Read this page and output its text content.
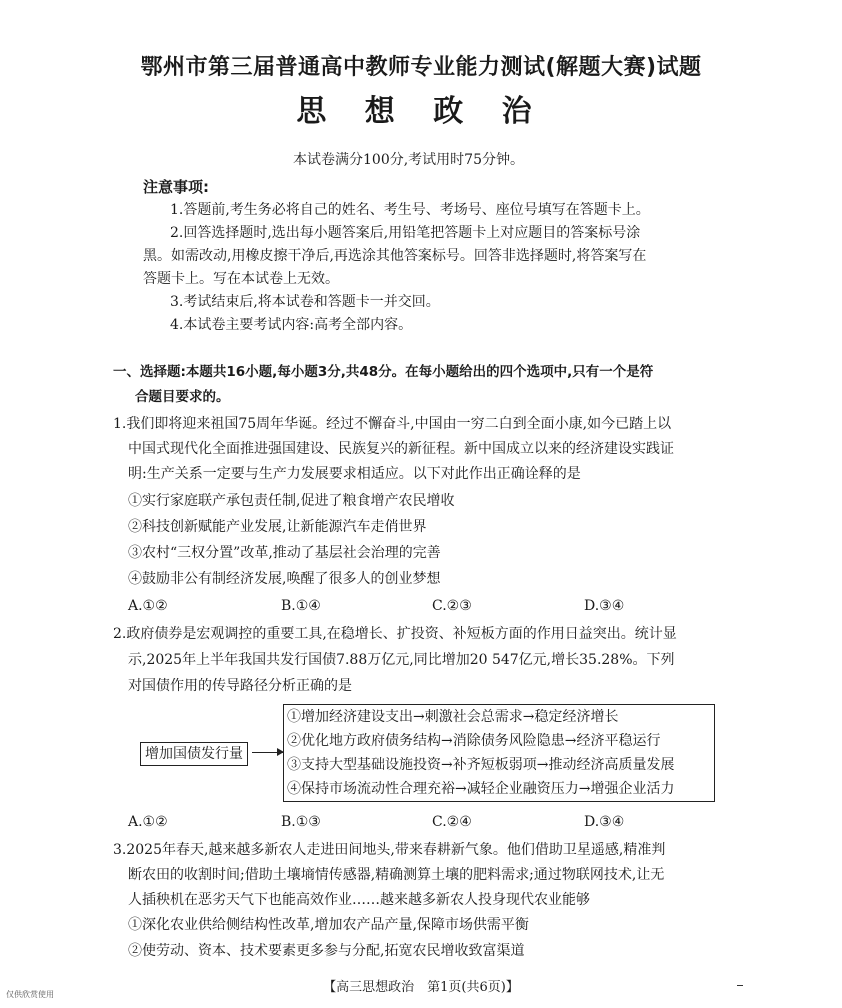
鄂州市第三届普通高中教师专业能力测试(解题大赛)试题
思 想 政 治
本试卷满分100分,考试用时75分钟。
注意事项:
1.答题前,考生务必将自己的姓名、考生号、考场号、座位号填写在答题卡上。
2.回答选择题时,选出每小题答案后,用铅笔把答题卡上对应题目的答案标号涂
黑。如需改动,用橡皮擦干净后,再选涂其他答案标号。回答非选择题时,将答案写在
答题卡上。写在本试卷上无效。
3.考试结束后,将本试卷和答题卡一并交回。
4.本试卷主要考试内容:高考全部内容。
一、选择题:本题共16小题,每小题3分,共48分。在每小题给出的四个选项中,只有一个是符
合题目要求的。
1.我们即将迎来祖国75周年华诞。经过不懈奋斗,中国由一穷二白到全面小康,如今已踏上以
中国式现代化全面推进强国建设、民族复兴的新征程。新中国成立以来的经济建设实践证
明:生产关系一定要与生产力发展要求相适应。以下对此作出正确诠释的是
①实行家庭联产承包责任制,促进了粮食增产农民增收
②科技创新赋能产业发展,让新能源汽车走俏世界
③农村“三权分置”改革,推动了基层社会治理的完善
④鼓励非公有制经济发展,唤醒了很多人的创业梦想
A.①②	B.①④	C.②③	D.③④
2.政府债券是宏观调控的重要工具,在稳增长、扩投资、补短板方面的作用日益突出。统计显
示,2025年上半年我国共发行国债7.88万亿元,同比增加20 547亿元,增长35.28%。下列
对国债作用的传导路径分析正确的是
增加国债发行量
①增加经济建设支出→刺激社会总需求→稳定经济增长
②优化地方政府债务结构→消除债务风险隐患→经济平稳运行
③支持大型基础设施投资→补齐短板弱项→推动经济高质量发展
④保持市场流动性合理充裕→减轻企业融资压力→增强企业活力
A.①②	B.①③	C.②④	D.③④
3.2025年春天,越来越多新农人走进田间地头,带来春耕新气象。他们借助卫星遥感,精准判
断农田的收割时间;借助土壤墒情传感器,精确测算土壤的肥料需求;通过物联网技术,让无
人插秧机在恶劣天气下也能高效作业……越来越多新农人投身现代农业能够
①深化农业供给侧结构性改革,增加农产品产量,保障市场供需平衡
②使劳动、资本、技术要素更多参与分配,拓宽农民增收致富渠道
仅供欣赏使用	【高三思想政治　第1页(共6页)】
